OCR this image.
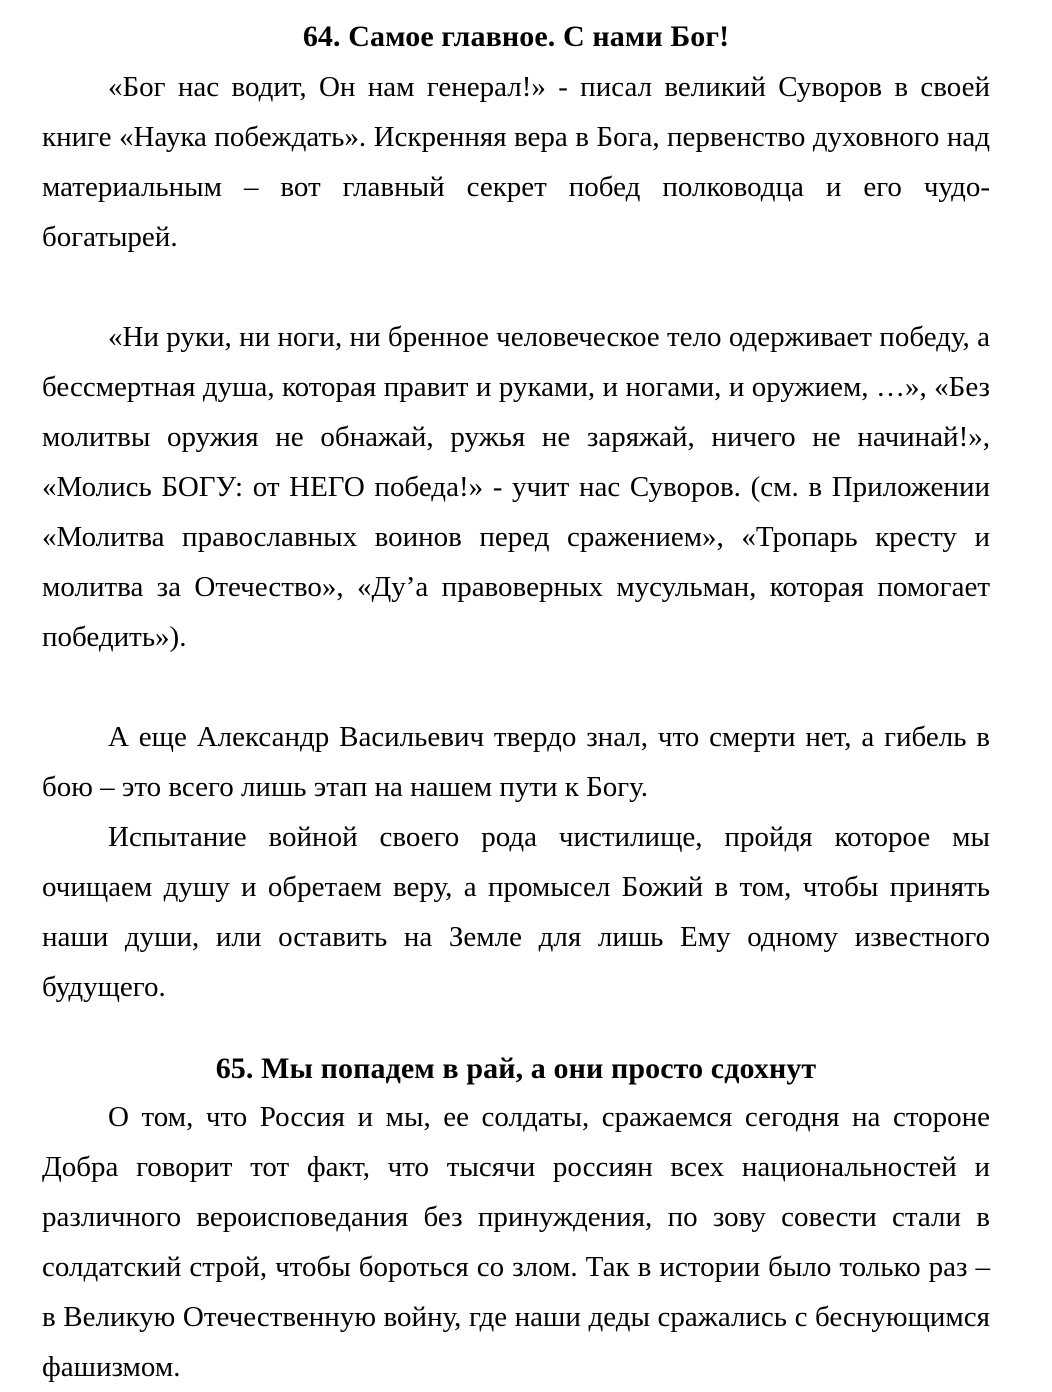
64. Самое главное. С нами Бог!

«Бог нас водит, Он нам генерал!» - писал великий Суворов в своей книге «Наука побеждать». Искренняя вера в Бога, первенство духовного над материальным – вот главный секрет побед полководца и его чудо-богатырей.

«Ни руки, ни ноги, ни бренное человеческое тело одерживает победу, а бессмертная душа, которая правит и руками, и ногами, и оружием, …», «Без молитвы оружия не обнажай, ружья не заряжай, ничего не начинай!», «Молись БОГУ: от НЕГО победа!» - учит нас Суворов. (см. в Приложении «Молитва православных воинов перед сражением», «Тропарь кресту и молитва за Отечество», «Ду’а правоверных мусульман, которая помогает победить»).

А еще Александр Васильевич твердо знал, что смерти нет, а гибель в бою – это всего лишь этап на нашем пути к Богу.

Испытание войной своего рода чистилище, пройдя которое мы очищаем душу и обретаем веру, а промысел Божий в том, чтобы принять наши души, или оставить на Земле для лишь Ему одному известного будущего.

65. Мы попадем в рай, а они просто сдохнут

О том, что Россия и мы, ее солдаты, сражаемся сегодня на стороне Добра говорит тот факт, что тысячи россиян всех национальностей и различного вероисповедания без принуждения, по зову совести стали в солдатский строй, чтобы бороться со злом. Так в истории было только раз – в Великую Отечественную войну, где наши деды сражались с беснующимся фашизмом.
